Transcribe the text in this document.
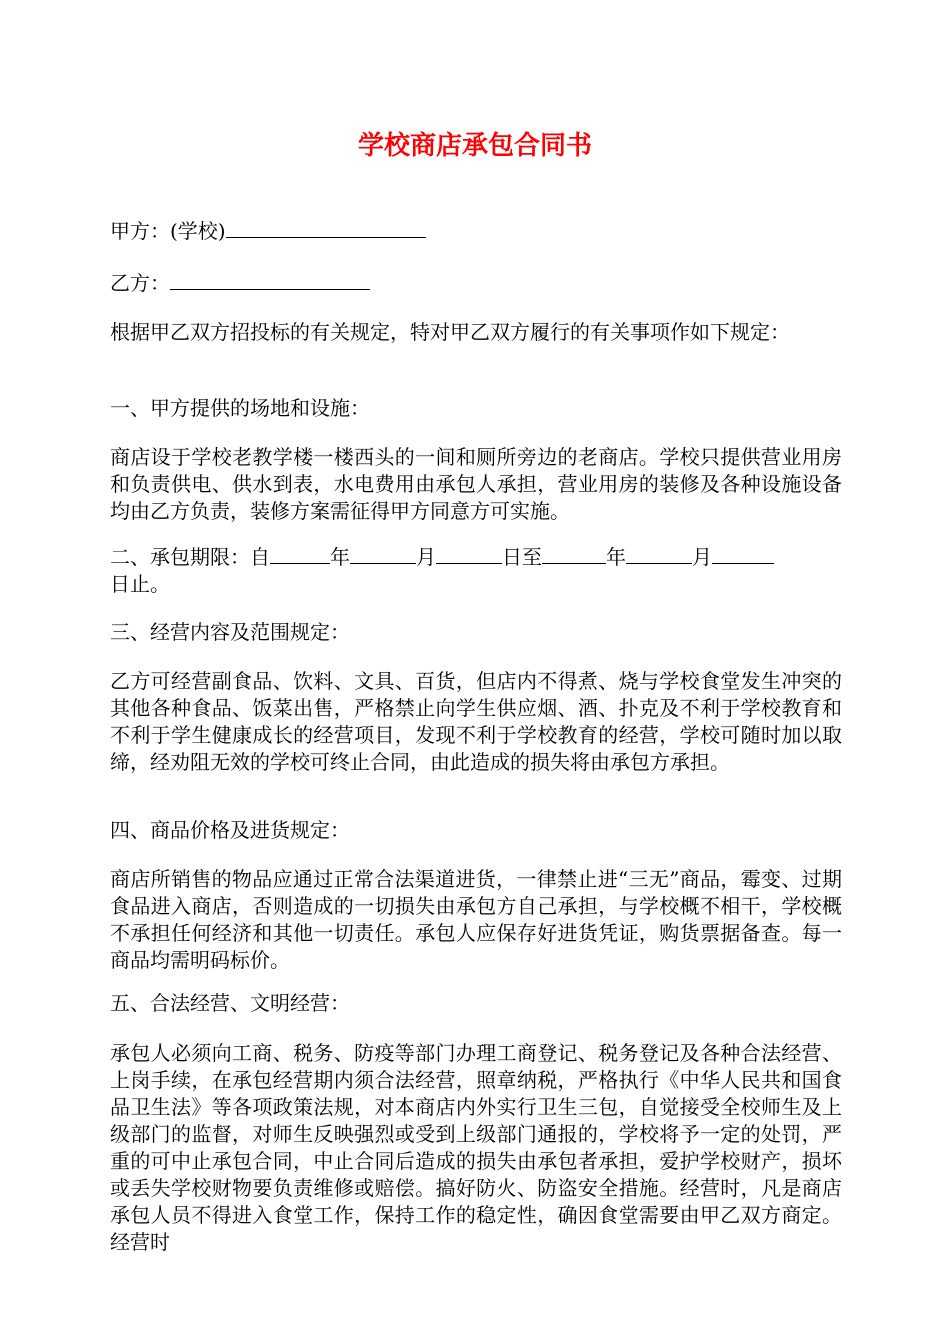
学校商店承包合同书

甲方：(学校)

乙方：

根据甲乙双方招投标的有关规定，特对甲乙双方履行的有关事项作如下规定：

一、甲方提供的场地和设施：

商店设于学校老教学楼一楼西头的一间和厕所旁边的老商店。学校只提供营业用房和负责供电、供水到表，水电费用由承包人承担，营业用房的装修及各种设施设备均由乙方负责，装修方案需征得甲方同意方可实施。

二、承包期限：自	年	月	日至	年	月
日止。

三、经营内容及范围规定：

乙方可经营副食品、饮料、文具、百货，但店内不得煮、烧与学校食堂发生冲突的其他各种食品、饭菜出售，严格禁止向学生供应烟、酒、扑克及不利于学校教育和不利于学生健康成长的经营项目，发现不利于学校教育的经营，学校可随时加以取缔，经劝阻无效的学校可终止合同，由此造成的损失将由承包方承担。

四、商品价格及进货规定：

商店所销售的物品应通过正常合法渠道进货，一律禁止进“三无”商品，霉变、过期食品进入商店，否则造成的一切损失由承包方自己承担，与学校概不相干，学校概不承担任何经济和其他一切责任。承包人应保存好进货凭证，购货票据备查。每一商品均需明码标价。

五、合法经营、文明经营：

承包人必须向工商、税务、防疫等部门办理工商登记、税务登记及各种合法经营、上岗手续，在承包经营期内须合法经营，照章纳税，严格执行《中华人民共和国食品卫生法》等各项政策法规，对本商店内外实行卫生三包，自觉接受全校师生及上级部门的监督，对师生反映强烈或受到上级部门通报的，学校将予一定的处罚，严重的可中止承包合同，中止合同后造成的损失由承包者承担，爱护学校财产，损坏或丢失学校财物要负责维修或赔偿。搞好防火、防盗安全措施。经营时，凡是商店承包人员不得进入食堂工作，保持工作的稳定性，确因食堂需要由甲乙双方商定。经营时
